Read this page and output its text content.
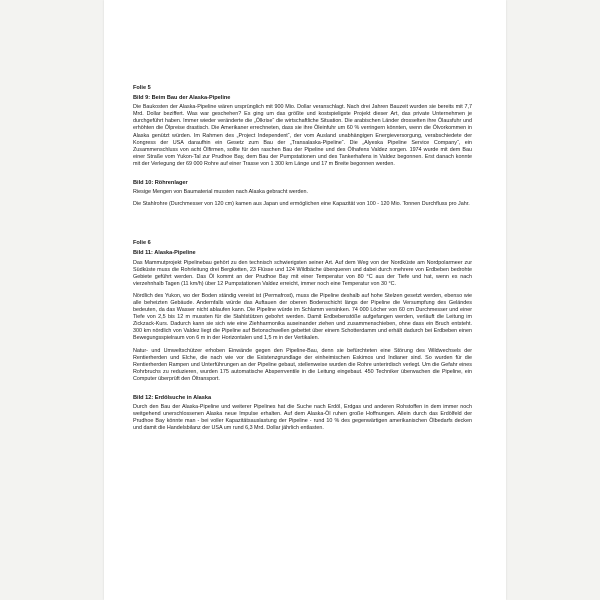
Folie 5
Bild 9: Beim Bau der Alaska-Pipeline

Die Baukosten der Alaska-Pipeline wären ursprünglich mit 900 Mio. Dollar veranschlagt. Nach drei Jahren Bauzeit wurden sie bereits mit 7,7 Mrd. Dollar beziffert. Was war geschehen? Es ging um das größte und kostspieligste Projekt dieser Art, das private Unternehmen je durchgeführt haben. Immer wieder veränderte die „Ölkrise“ die wirtschaftliche Situation. Die arabischen Länder drosselten ihre Ölausfuhr und erhöhten die Ölpreise drastisch. Die Amerikaner errechneten, dass sie ihre Öleinfuhr um 60 % verringern könnten, wenn die Ölvorkommen in Alaska genützt würden. Im Rahmen des „Project Independent“, der vom Ausland unabhängigen Energieversorgung, verabschiedete der Kongress der USA daraufhin ein Gesetz zum Bau der „Transalaska-Pipeline“. Die „Alyeska Pipeline Service Company“, ein Zusammenschluss von acht Ölfirmen, sollte für den raschen Bau der Pipeline und des Ölhafens Valdez sorgen. 1974 wurde mit dem Bau einer Straße vom Yukon-Tal zur Prudhoe Bay, dem Bau der Pumpstationen und des Tankerhafens in Valdez begonnen. Erst danach konnte mit der Verlegung der 69 000 Rohre auf einer Trasse von 1 300 km Länge und 17 m Breite begonnen werden.

Bild 10: Röhrenlager

Riesige Mengen von Baumaterial mussten nach Alaska gebracht werden.

Die Stahlrohre (Durchmesser von 120 cm) kamen aus Japan und ermöglichen eine Kapazität von 100 - 120 Mio. Tonnen Durchfluss pro Jahr.

Folie 6
Bild 11: Alaska-Pipeline

Das Mammutprojekt Pipelinebau gehört zu den technisch schwierigsten seiner Art. Auf dem Weg von der Nordküste am Nordpolarmeer zur Südküste muss die Rohrleitung drei Bergketten, 23 Flüsse und 124 Wildbäche überqueren und dabei durch mehrere von Erdbeben bedrohte Gebiete geführt werden. Das Öl kommt an der Prudhoe Bay mit einer Temperatur von 80 °C aus der Tiefe und hat, wenn es nach vierzehnhalb Tagen (11 km/h) über 12 Pumpstationen Valdez erreicht, immer noch eine Temperatur von 30 °C.

Nördlich des Yukon, wo der Boden ständig vereist ist (Permafrost), muss die Pipeline deshalb auf hohe Stelzen gesetzt werden, ebenso wie alle beheizten Gebäude. Andernfalls würde das Auftauen der oberen Bodenschicht längs der Pipeline die Versumpfung des Geländes bedeuten, da das Wasser nicht ablaufen kann. Die Pipeline würde im Schlamm versinken. 74 000 Löcher von 60 cm Durchmesser und einer Tiefe von 2,5 bis 12 m mussten für die Stahlstützen gebohrt werden. Damit Erdbebenstöße aufgefangen werden, verläuft die Leitung im Zickzack-Kurs. Dadurch kann sie sich wie eine Ziehharmonika auseinander ziehen und zusammenschieben, ohne dass ein Bruch entsteht. 300 km nördlich von Valdez liegt die Pipeline auf Betonschwellen gebettet über einem Schotterdamm und erhält dadurch bei Erdbeben einen Bewegungsspielraum von 6 m in der Horizontalen und 1,5 m in der Vertikalen.

Natur- und Umweltschützer erhoben Einwände gegen den Pipeline-Bau, denn sie befürchteten eine Störung des Wildwechsels der Rentierherden und Elche, die nach wie vor die Existenzgrundlage der einheimischen Eskimos und Indianer sind. So wurden für die Rentierherden Rampen und Unterführungen an der Pipeline gebaut, stellenweise wurden die Rohre unterirdisch verlegt. Um die Gefahr eines Rohrbruchs zu reduzieren, wurden 175 automatische Absperrventile in die Leitung eingebaut. 450 Techniker überwachen die Pipeline, ein Computer überprüft den Öltransport.

Bild 12: Erdölsuche in Alaska

Durch den Bau der Alaska-Pipeline und weiterer Pipelines hat die Suche nach Erdöl, Erdgas und anderen Rohstoffen in dem immer noch weitgehend unerschlossenen Alaska neue Impulse erhalten. Auf dem Alaska-Öl ruhen große Hoffnungen. Allein durch das Erdölfeld der Prudhoe Bay könnte man - bei voller Kapazitätsauslastung der Pipeline - rund 10 % des gegenwärtigen amerikanischen Ölbedarfs decken und damit die Handelsbilanz der USA um rund 6,3 Mrd. Dollar jährlich entlasten.
